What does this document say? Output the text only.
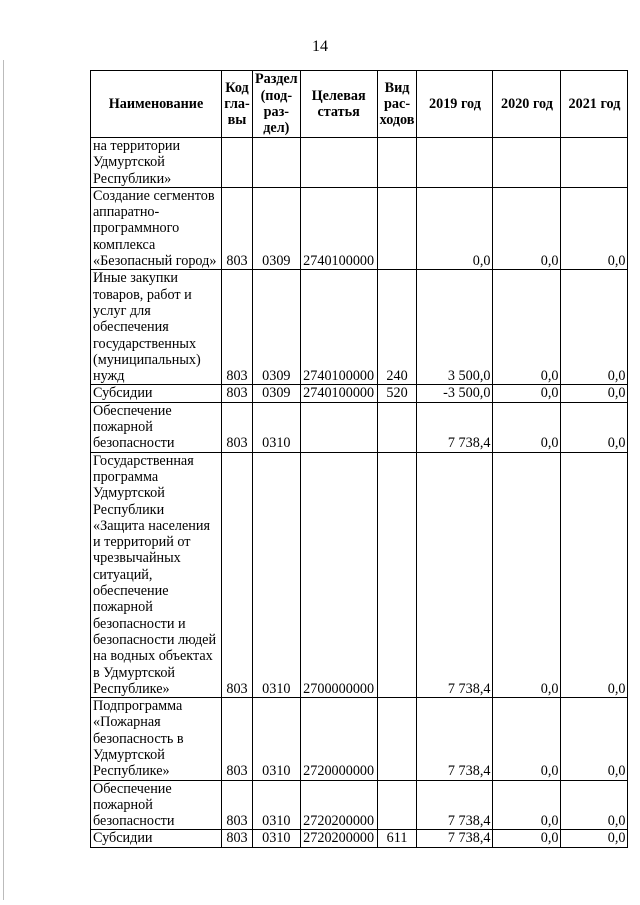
14
Наименование	Код гла-вы	Раздел (под-раз-дел)	Целевая статья	Вид рас-ходов	2019 год	2020 год	2021 год
на территории Удмуртской Республики»							
Создание сегментов аппаратно-программного комплекса «Безопасный город»	803	0309	2740100000		0,0	0,0	0,0
Иные закупки товаров, работ и услуг для обеспечения государственных (муниципальных) нужд	803	0309	2740100000	240	3 500,0	0,0	0,0
Субсидии	803	0309	2740100000	520	-3 500,0	0,0	0,0
Обеспечение пожарной безопасности	803	0310			7 738,4	0,0	0,0
Государственная программа Удмуртской Республики «Защита населения и территорий от чрезвычайных ситуаций, обеспечение пожарной безопасности и безопасности людей на водных объектах в Удмуртской Республике»	803	0310	2700000000		7 738,4	0,0	0,0
Подпрограмма «Пожарная безопасность в Удмуртской Республике»	803	0310	2720000000		7 738,4	0,0	0,0
Обеспечение пожарной безопасности	803	0310	2720200000		7 738,4	0,0	0,0
Субсидии	803	0310	2720200000	611	7 738,4	0,0	0,0
